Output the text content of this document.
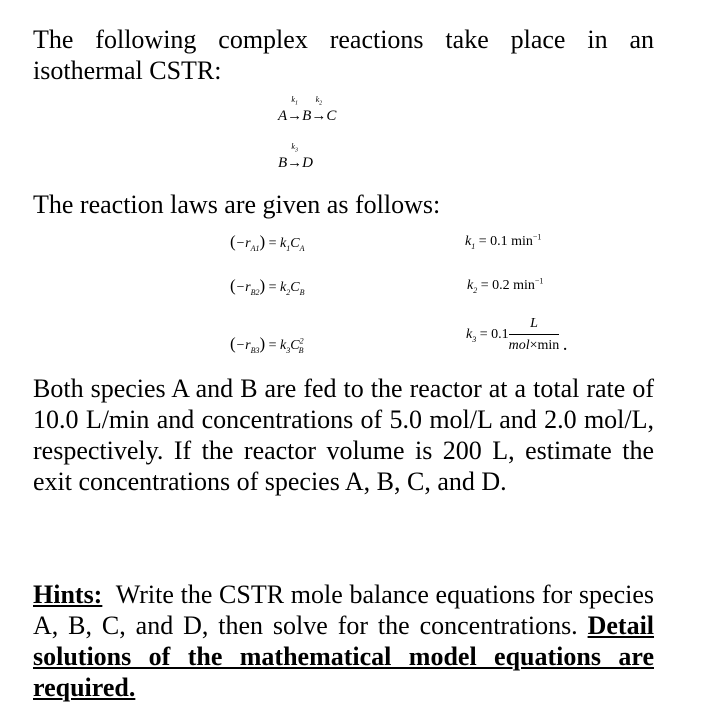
The following complex reactions take place in an isothermal CSTR:

A→
$k_1$
B→
$k_2$
C
B→
$k_3$
D

The reaction laws are given as follows:

$(-r_{A1}) = k_1C_A$	$k_1 = 0.1$ $\min^{-1}$
$(-r_{B2}) = k_2C_B$	$k_2 = 0.2$ $\min^{-1}$
$(-r_{B3}) = k_3C^2_B$
$k_3 = 0.1 \frac{L}{\text{mol×min}}$ .

Both species A and B are fed to the reactor at a total rate of 10.0 L/min and concentrations of 5.0 mol/L and 2.0 mol/L, respectively. If the reactor volume is 200 L, estimate the exit concentrations of species A, B, C, and D.

Hints: Write the CSTR mole balance equations for species A, B, C, and D, then solve for the concentrations. Detail solutions of the mathematical model equations are required.
